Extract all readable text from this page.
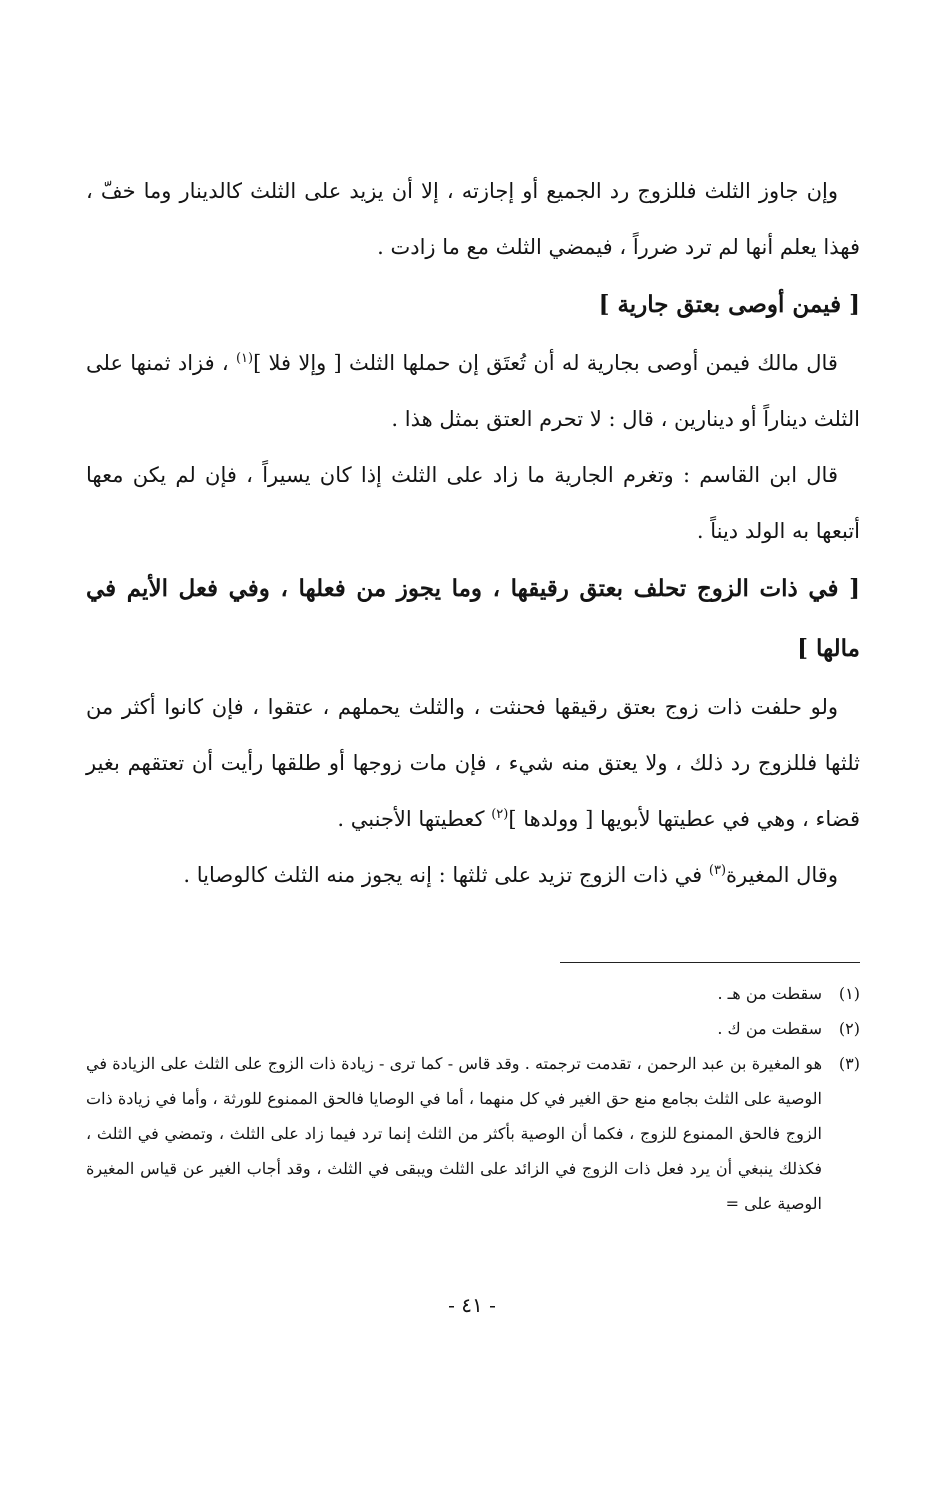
وإن جاوز الثلث فللزوج رد الجميع أو إجازته ، إلا أن يزيد على الثلث كالدينار وما خفّ ، فهذا يعلم أنها لم ترد ضرراً ، فيمضي الثلث مع ما زادت .

[ فيمن أوصى بعتق جارية ]

قال مالك فيمن أوصى بجارية له أن تُعتَق إن حملها الثلث [ وإلا فلا ]$^{(١)}$ ، فزاد ثمنها على الثلث ديناراً أو دينارين ، قال : لا تحرم العتق بمثل هذا .

قال ابن القاسم : وتغرم الجارية ما زاد على الثلث إذا كان يسيراً ، فإن لم يكن معها أتبعها به الولد ديناً .

[ في ذات الزوج تحلف بعتق رقيقها ، وما يجوز من فعلها ، وفي فعل الأيم في مالها ]

ولو حلفت ذات زوج بعتق رقيقها فحنثت ، والثلث يحملهم ، عتقوا ، فإن كانوا أكثر من ثلثها فللزوج رد ذلك ، ولا يعتق منه شيء ، فإن مات زوجها أو طلقها رأيت أن تعتقهم بغير قضاء ، وهي في عطيتها لأبويها [ وولدها ]$^{(٢)}$ كعطيتها الأجنبي .

وقال المغيرة$^{(٣)}$ في ذات الزوج تزيد على ثلثها : إنه يجوز منه الثلث كالوصايا .

(١)
سقطت من هـ .
(٢)
سقطت من ك .
(٣)
هو المغيرة بن عبد الرحمن ، تقدمت ترجمته . وقد قاس - كما ترى - زيادة ذات الزوج على الثلث على الزيادة في الوصية على الثلث بجامع منع حق الغير في كل منهما ، أما في الوصايا فالحق الممنوع للورثة ، وأما في زيادة ذات الزوج فالحق الممنوع للزوج ، فكما أن الوصية بأكثر من الثلث إنما ترد فيما زاد على الثلث ، وتمضي في الثلث ، فكذلك ينبغي أن يرد فعل ذات الزوج في الزائد على الثلث ويبقى في الثلث ، وقد أجاب الغير عن قياس المغيرة الوصية على =
- ٤١ -
